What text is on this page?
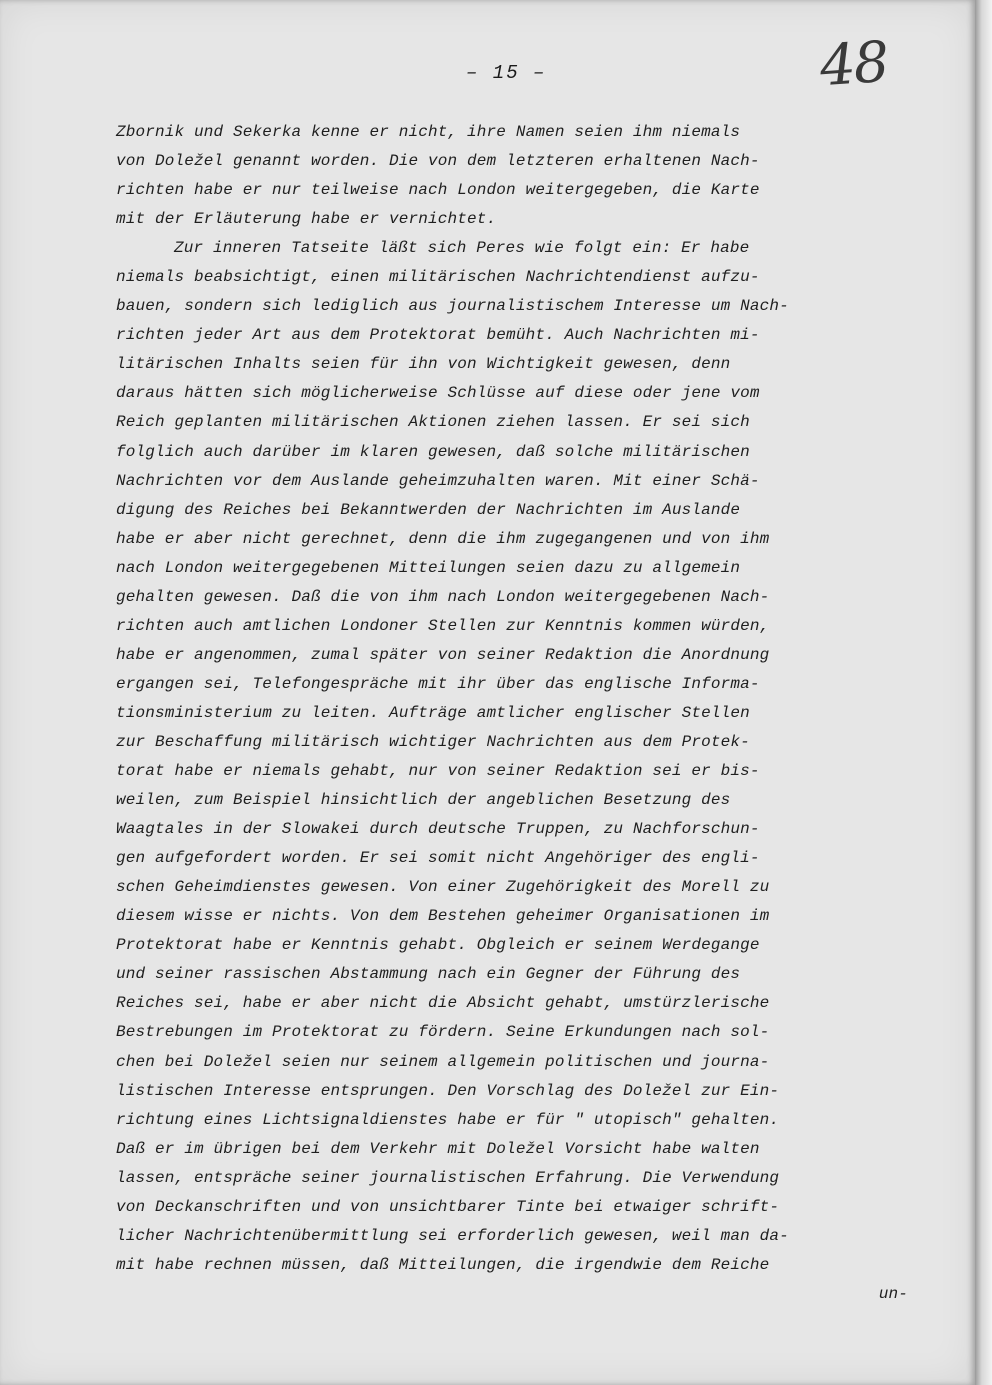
– 15 –	48
Zbornik und Sekerka kenne er nicht, ihre Namen seien ihm niemals
von Doležel genannt worden. Die von dem letzteren erhaltenen Nach-
richten habe er nur teilweise nach London weitergegeben, die Karte
mit der Erläuterung habe er vernichtet.
Zur inneren Tatseite läßt sich Peres wie folgt ein: Er habe
niemals beabsichtigt, einen militärischen Nachrichtendienst aufzu-
bauen, sondern sich lediglich aus journalistischem Interesse um Nach-
richten jeder Art aus dem Protektorat bemüht. Auch Nachrichten mi-
litärischen Inhalts seien für ihn von Wichtigkeit gewesen, denn
daraus hätten sich möglicherweise Schlüsse auf diese oder jene vom
Reich geplanten militärischen Aktionen ziehen lassen. Er sei sich
folglich auch darüber im klaren gewesen, daß solche militärischen
Nachrichten vor dem Auslande geheimzuhalten waren. Mit einer Schä-
digung des Reiches bei Bekanntwerden der Nachrichten im Auslande
habe er aber nicht gerechnet, denn die ihm zugegangenen und von ihm
nach London weitergegebenen Mitteilungen seien dazu zu allgemein
gehalten gewesen. Daß die von ihm nach London weitergegebenen Nach-
richten auch amtlichen Londoner Stellen zur Kenntnis kommen würden,
habe er angenommen, zumal später von seiner Redaktion die Anordnung
ergangen sei, Telefongespräche mit ihr über das englische Informa-
tionsministerium zu leiten. Aufträge amtlicher englischer Stellen
zur Beschaffung militärisch wichtiger Nachrichten aus dem Protek-
torat habe er niemals gehabt, nur von seiner Redaktion sei er bis-
weilen, zum Beispiel hinsichtlich der angeblichen Besetzung des
Waagtales in der Slowakei durch deutsche Truppen, zu Nachforschun-
gen aufgefordert worden. Er sei somit nicht Angehöriger des engli-
schen Geheimdienstes gewesen. Von einer Zugehörigkeit des Morell zu
diesem wisse er nichts. Von dem Bestehen geheimer Organisationen im
Protektorat habe er Kenntnis gehabt. Obgleich er seinem Werdegange
und seiner rassischen Abstammung nach ein Gegner der Führung des
Reiches sei, habe er aber nicht die Absicht gehabt, umstürzlerische
Bestrebungen im Protektorat zu fördern. Seine Erkundungen nach sol-
chen bei Doležel seien nur seinem allgemein politischen und journa-
listischen Interesse entsprungen. Den Vorschlag des Doležel zur Ein-
richtung eines Lichtsignaldienstes habe er für " utopisch" gehalten.
Daß er im übrigen bei dem Verkehr mit Doležel Vorsicht habe walten
lassen, entspräche seiner journalistischen Erfahrung. Die Verwendung
von Deckanschriften und von unsichtbarer Tinte bei etwaiger schrift-
licher Nachrichtenübermittlung sei erforderlich gewesen, weil man da-
mit habe rechnen müssen, daß Mitteilungen, die irgendwie dem Reiche
un-
